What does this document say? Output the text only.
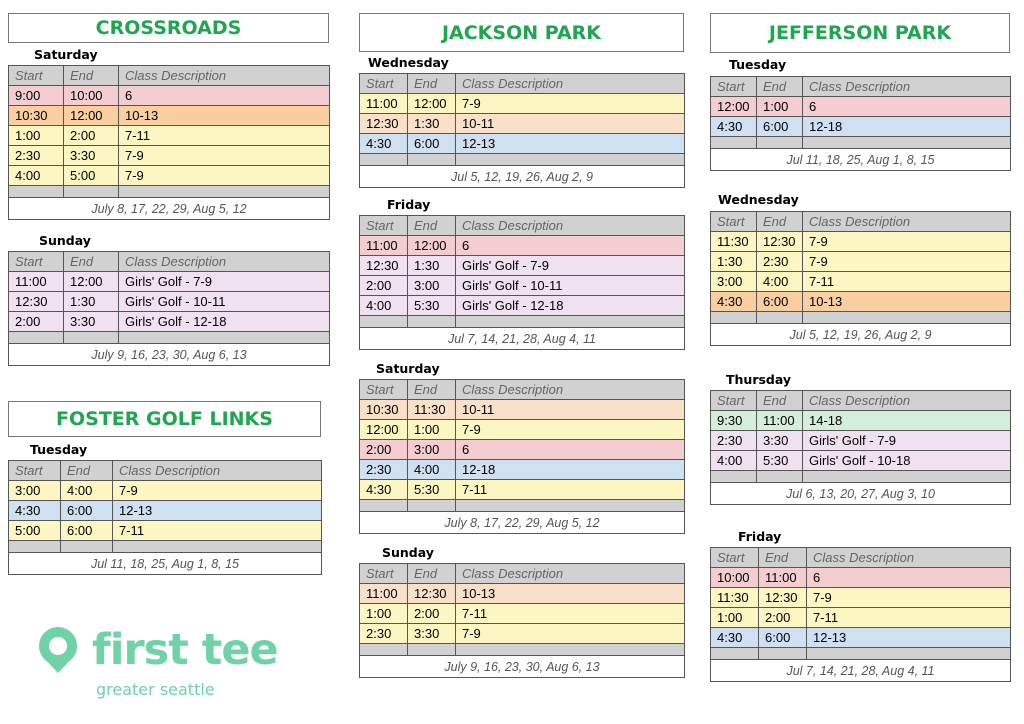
CROSSROADS
FOSTER GOLF LINKS
JACKSON PARK	JEFFERSON PARK
Saturday
Start	End	Class Description
9:00	10:00	6
10:30	12:00	10-13
1:00	2:00	7-11
2:30	3:30	7-9
4:00	5:00	7-9

July 8, 17, 22, 29, Aug 5, 12		
Sunday
Start	End	Class Description
11:00	12:00	Girls' Golf - 7-9
12:30	1:30	Girls' Golf - 10-11
2:00	3:30	Girls' Golf - 12-18

July 9, 16, 23, 30, Aug 6, 13		
Tuesday
Start	End	Class Description
3:00	4:00	7-9
4:30	6:00	12-13
5:00	6:00	7-11

Jul 11, 18, 25, Aug 1, 8, 15		
Wednesday
Start	End	Class Description
11:00	12:00	7-9
12:30	1:30	10-11
4:30	6:00	12-13

Jul 5, 12, 19, 26, Aug 2, 9		
Friday
Start	End	Class Description
11:00	12:00	6
12:30	1:30	Girls' Golf - 7-9
2:00	3:00	Girls' Golf - 10-11
4:00	5:30	Girls' Golf - 12-18

Jul 7, 14, 21, 28, Aug 4, 11		
Saturday
Start	End	Class Description
10:30	11:30	10-11
12:00	1:00	7-9
2:00	3:00	6
2:30	4:00	12-18
4:30	5:30	7-11

July 8, 17, 22, 29, Aug 5, 12		
Sunday
Start	End	Class Description
11:00	12:30	10-13
1:00	2:00	7-11
2:30	3:30	7-9

July 9, 16, 23, 30, Aug 6, 13		
Tuesday
Start	End	Class Description
12:00	1:00	6
4:30	6:00	12-18

Jul 11, 18, 25, Aug 1, 8, 15		
Wednesday
Start	End	Class Description
11:30	12:30	7-9
1:30	2:30	7-9
3:00	4:00	7-11
4:30	6:00	10-13

Jul 5, 12, 19, 26, Aug 2, 9		
Thursday
Start	End	Class Description
9:30	11:00	14-18
2:30	3:30	Girls' Golf - 7-9
4:00	5:30	Girls' Golf - 10-18

Jul 6, 13, 20, 27, Aug 3, 10		
Friday
Start	End	Class Description
10:00	11:00	6
11:30	12:30	7-9
1:00	2:00	7-11
4:30	6:00	12-13

Jul 7, 14, 21, 28, Aug 4, 11		
first tee
greater seattle
